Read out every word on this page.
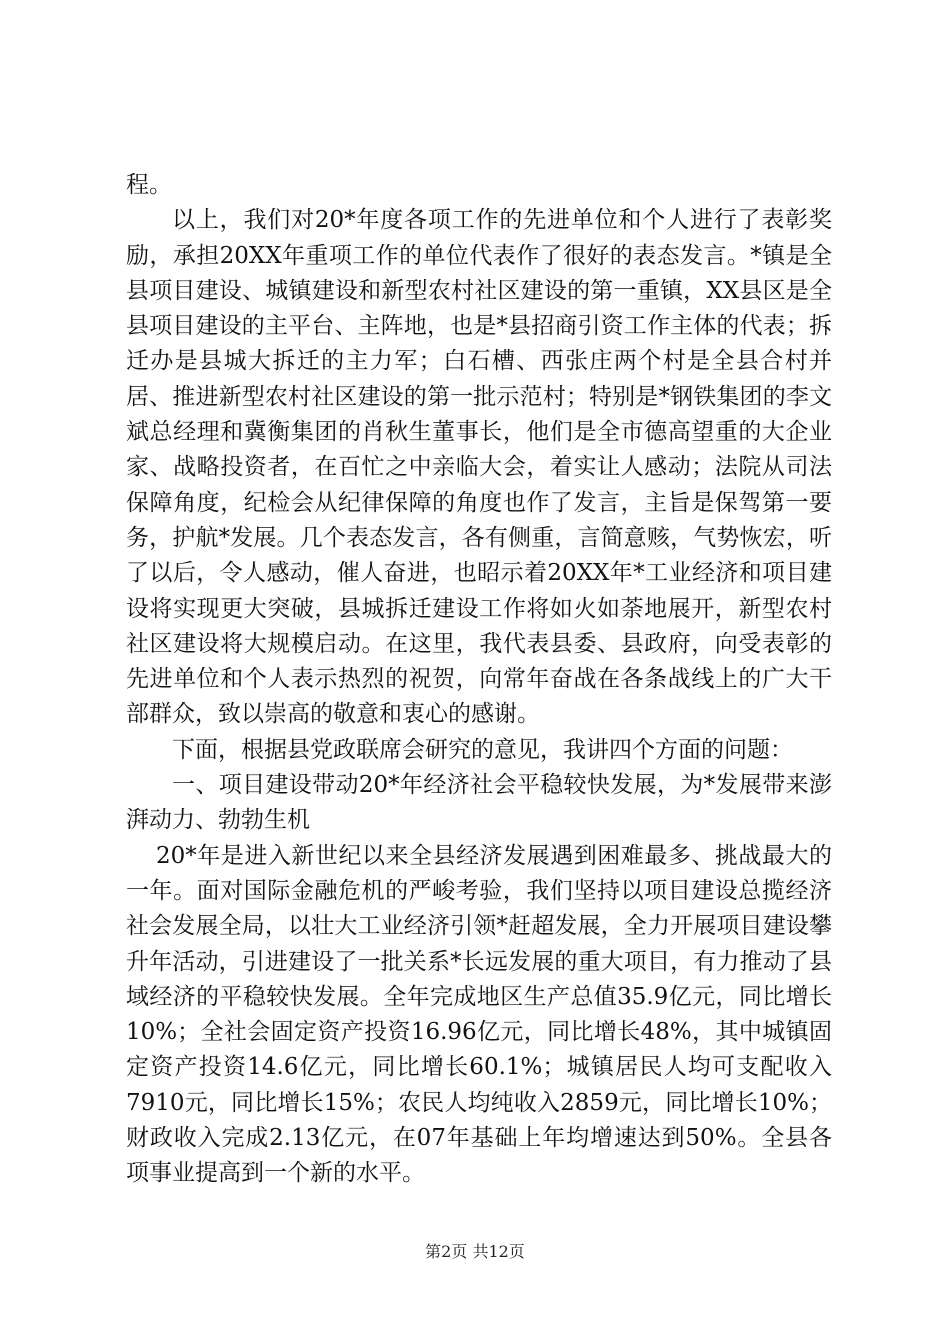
程。

以上，我们对20*年度各项工作的先进单位和个人进行了表彰奖励，承担20XX年重项工作的单位代表作了很好的表态发言。*镇是全县项目建设、城镇建设和新型农村社区建设的第一重镇，XX县区是全县项目建设的主平台、主阵地，也是*县招商引资工作主体的代表；拆迁办是县城大拆迁的主力军；白石槽、西张庄两个村是全县合村并居、推进新型农村社区建设的第一批示范村；特别是*钢铁集团的李文斌总经理和冀衡集团的肖秋生董事长，他们是全市德高望重的大企业家、战略投资者，在百忙之中亲临大会，着实让人感动；法院从司法保障角度，纪检会从纪律保障的角度也作了发言，主旨是保驾第一要务，护航*发展。几个表态发言，各有侧重，言简意赅，气势恢宏，听了以后，令人感动，催人奋进，也昭示着20XX年*工业经济和项目建设将实现更大突破，县城拆迁建设工作将如火如荼地展开，新型农村社区建设将大规模启动。在这里，我代表县委、县政府，向受表彰的先进单位和个人表示热烈的祝贺，向常年奋战在各条战线上的广大干部群众，致以崇高的敬意和衷心的感谢。

下面，根据县党政联席会研究的意见，我讲四个方面的问题：

一、项目建设带动20*年经济社会平稳较快发展，为*发展带来澎湃动力、勃勃生机

20*年是进入新世纪以来全县经济发展遇到困难最多、挑战最大的一年。面对国际金融危机的严峻考验，我们坚持以项目建设总揽经济社会发展全局，以壮大工业经济引领*赶超发展，全力开展项目建设攀升年活动，引进建设了一批关系*长远发展的重大项目，有力推动了县域经济的平稳较快发展。全年完成地区生产总值35.9亿元，同比增长10%；全社会固定资产投资16.96亿元，同比增长48%，其中城镇固定资产投资14.6亿元，同比增长60.1%；城镇居民人均可支配收入7910元，同比增长15%；农民人均纯收入2859元，同比增长10%；财政收入完成2.13亿元，在07年基础上年均增速达到50%。全县各项事业提高到一个新的水平。

第2页 共12页
